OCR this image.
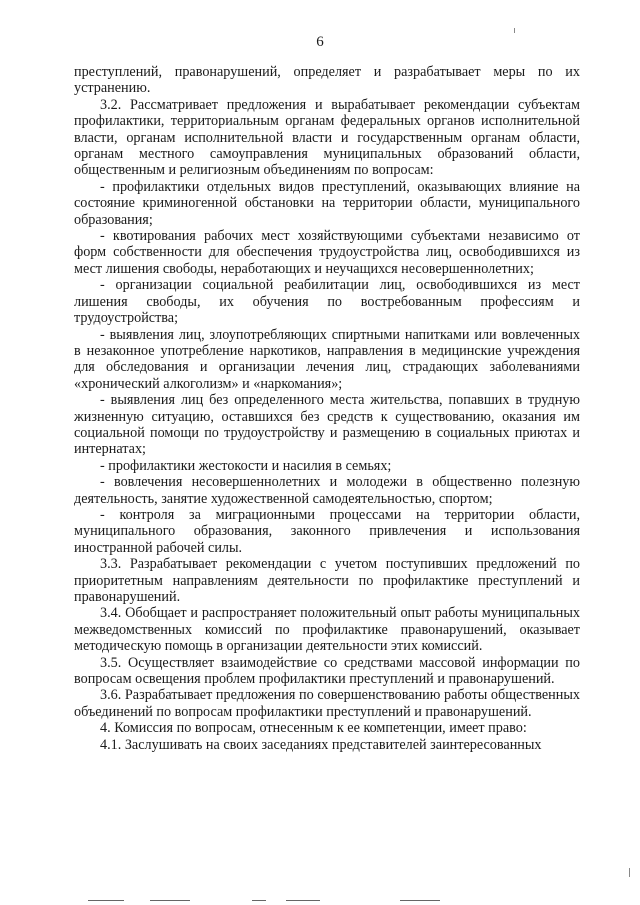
6

преступлений, правонарушений, определяет и разрабатывает меры по их устранению.

3.2. Рассматривает предложения и вырабатывает рекомендации субъектам профилактики, территориальным органам федеральных органов исполнительной власти, органам исполнительной власти и государственным органам области, органам местного самоуправления муниципальных образований области, общественным и религиозным объединениям по вопросам:

- профилактики отдельных видов преступлений, оказывающих влияние на состояние криминогенной обстановки на территории области, муниципального образования;

- квотирования рабочих мест хозяйствующими субъектами независимо от форм собственности для обеспечения трудоустройства лиц, освободившихся из мест лишения свободы, неработающих и неучащихся несовершеннолетних;

- организации социальной реабилитации лиц, освободившихся из мест лишения свободы, их обучения по востребованным профессиям и трудоустройства;

- выявления лиц, злоупотребляющих спиртными напитками или вовлеченных в незаконное употребление наркотиков, направления в медицинские учреждения для обследования и организации лечения лиц, страдающих заболеваниями «хронический алкоголизм» и «наркомания»;

- выявления лиц без определенного места жительства, попавших в трудную жизненную ситуацию, оставшихся без средств к существованию, оказания им социальной помощи по трудоустройству и размещению в социальных приютах и интернатах;

- профилактики жестокости и насилия в семьях;

- вовлечения несовершеннолетних и молодежи в общественно полезную деятельность, занятие художественной самодеятельностью, спортом;

- контроля за миграционными процессами на территории области, муниципального образования, законного привлечения и использования иностранной рабочей силы.

3.3. Разрабатывает рекомендации с учетом поступивших предложений по приоритетным направлениям деятельности по профилактике преступлений и правонарушений.

3.4. Обобщает и распространяет положительный опыт работы муниципальных межведомственных комиссий по профилактике правонарушений, оказывает методическую помощь в организации деятельности этих комиссий.

3.5. Осуществляет взаимодействие со средствами массовой информации по вопросам освещения проблем профилактики преступлений и правонарушений.

3.6. Разрабатывает предложения по совершенствованию работы общественных объединений по вопросам профилактики преступлений и правонарушений.

4. Комиссия по вопросам, отнесенным к ее компетенции, имеет право:

4.1. Заслушивать на своих заседаниях представителей заинтересованных
